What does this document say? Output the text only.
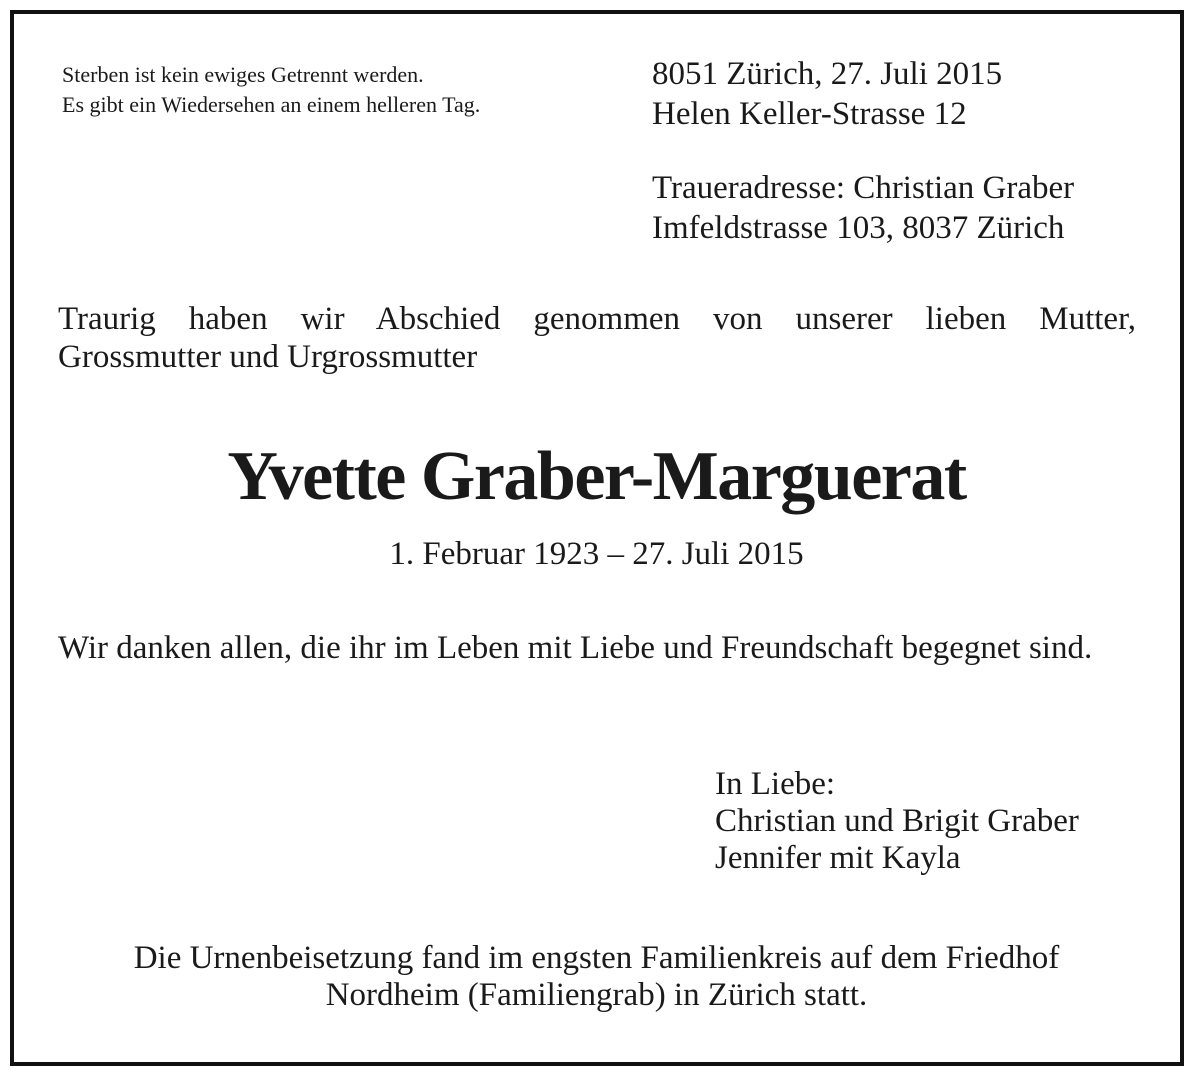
Sterben ist kein ewiges Getrennt werden.
Es gibt ein Wiedersehen an einem helleren Tag.
8051 Zürich, 27. Juli 2015
Helen Keller-Strasse 12
Traueradresse: Christian Graber
Imfeldstrasse 103, 8037 Zürich
Traurig haben wir Abschied genommen von unserer lieben Mutter,
Grossmutter und Urgrossmutter
Yvette Graber-Marguerat
1. Februar 1923 – 27. Juli 2015

Wir danken allen, die ihr im Leben mit Liebe und Freundschaft begegnet sind.

In Liebe:
Christian und Brigit Graber
Jennifer mit Kayla
Die Urnenbeisetzung fand im engsten Familienkreis auf dem Friedhof
Nordheim (Familiengrab) in Zürich statt.
